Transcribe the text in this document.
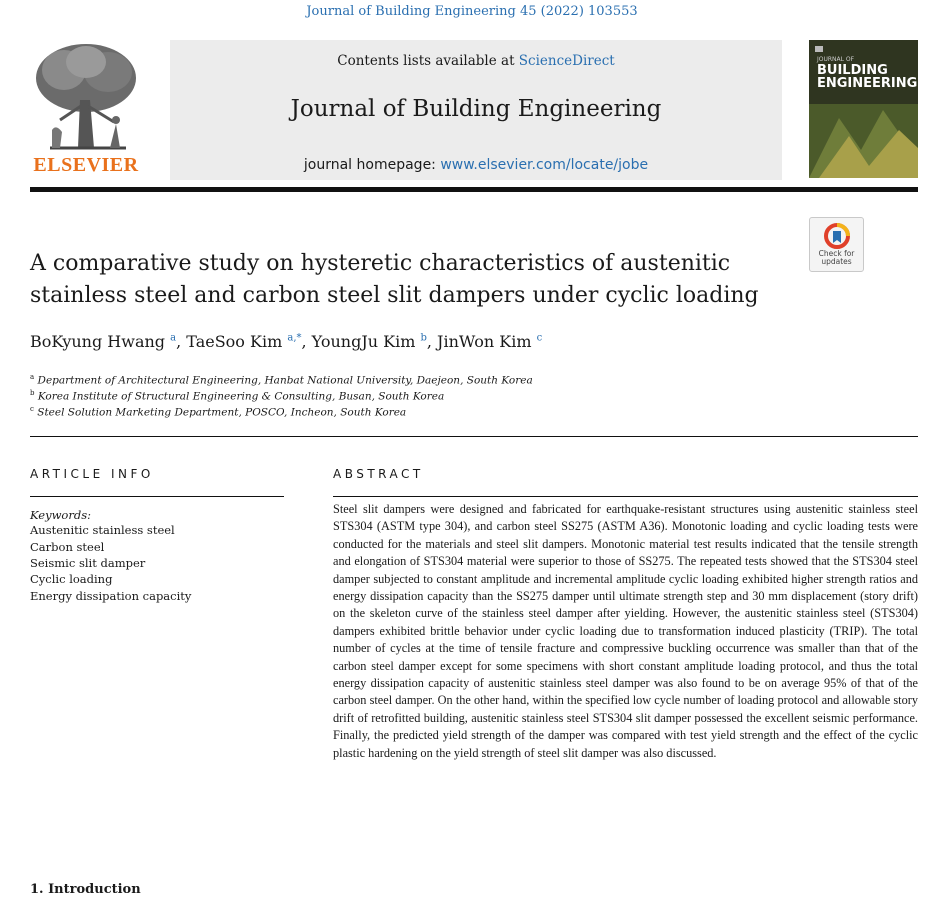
Journal of Building Engineering 45 (2022) 103553
ELSEVIER
Contents lists available at ScienceDirect
Journal of Building Engineering
journal homepage: www.elsevier.com/locate/jobe
JOURNAL OF
BUILDING
ENGINEERING
Check for
updates
A comparative study on hysteretic characteristics of austenitic stainless steel and carbon steel slit dampers under cyclic loading
BoKyung Hwang $^a$, TaeSoo Kim $^{a,*}$, YoungJu Kim $^b$, JinWon Kim $^c$
$^a$ Department of Architectural Engineering, Hanbat National University, Daejeon, South Korea
$^b$ Korea Institute of Structural Engineering & Consulting, Busan, South Korea
$^c$ Steel Solution Marketing Department, POSCO, Incheon, South Korea
ARTICLE INFO
Keywords:
Austenitic stainless steel
Carbon steel
Seismic slit damper
Cyclic loading
Energy dissipation capacity
ABSTRACT
Steel slit dampers were designed and fabricated for earthquake-resistant structures using austenitic stainless steel STS304 (ASTM type 304), and carbon steel SS275 (ASTM A36). Monotonic loading and cyclic loading tests were conducted for the materials and steel slit dampers. Monotonic material test results indicated that the tensile strength and elongation of STS304 material were superior to those of SS275. The repeated tests showed that the STS304 steel damper subjected to constant amplitude and incremental amplitude cyclic loading exhibited higher strength ratios and energy dissipation capacity than the SS275 damper until ultimate strength step and 30 mm displacement (story drift) on the skeleton curve of the stainless steel damper after yielding. However, the austenitic stainless steel (STS304) dampers exhibited brittle behavior under cyclic loading due to transformation induced plasticity (TRIP). The total number of cycles at the time of tensile fracture and compressive buckling occurrence was smaller than that of the carbon steel damper except for some specimens with short constant amplitude loading protocol, and thus the total energy dissipation capacity of austenitic stainless steel damper was also found to be on average 95% of that of the carbon steel damper. On the other hand, within the specified low cycle number of loading protocol and allowable story drift of retrofitted building, austenitic stainless steel STS304 slit damper possessed the excellent seismic performance. Finally, the predicted yield strength of the damper was compared with test yield strength and the effect of the cyclic plastic hardening on the yield strength of steel slit damper was also discussed.
1. Introduction
